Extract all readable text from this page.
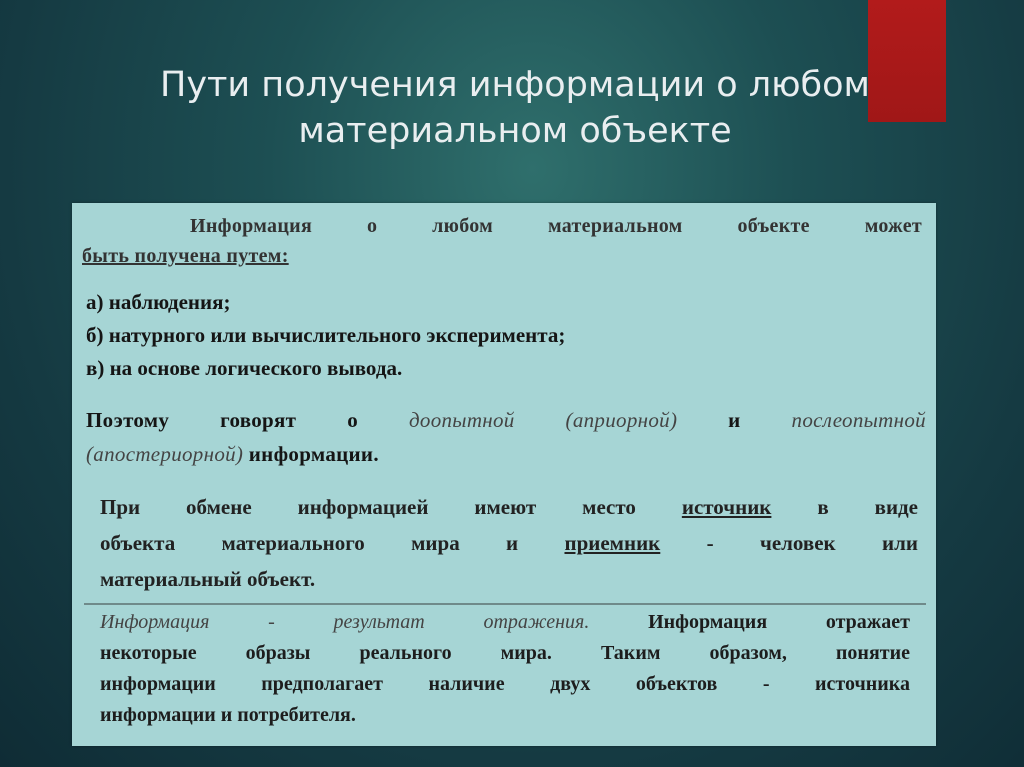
Пути получения информации о любом
материальном объекте
Информация о любом материальном объекте может
быть получена путем:
а) наблюдения;
б) натурного или вычислительного эксперимента;
в) на основе логического вывода.
Поэтому говорят о доопытной (априорной) и послеопытной
(апостериорной) информации.
При обмене информацией имеют место источник в виде
объекта материального мира и приемник - человек или
материальный объект.
Информация - результат отражения.	Информация отражает
некоторые образы реального мира. Таким образом, понятие
информации предполагает наличие двух объектов - источника
информации и потребителя.
